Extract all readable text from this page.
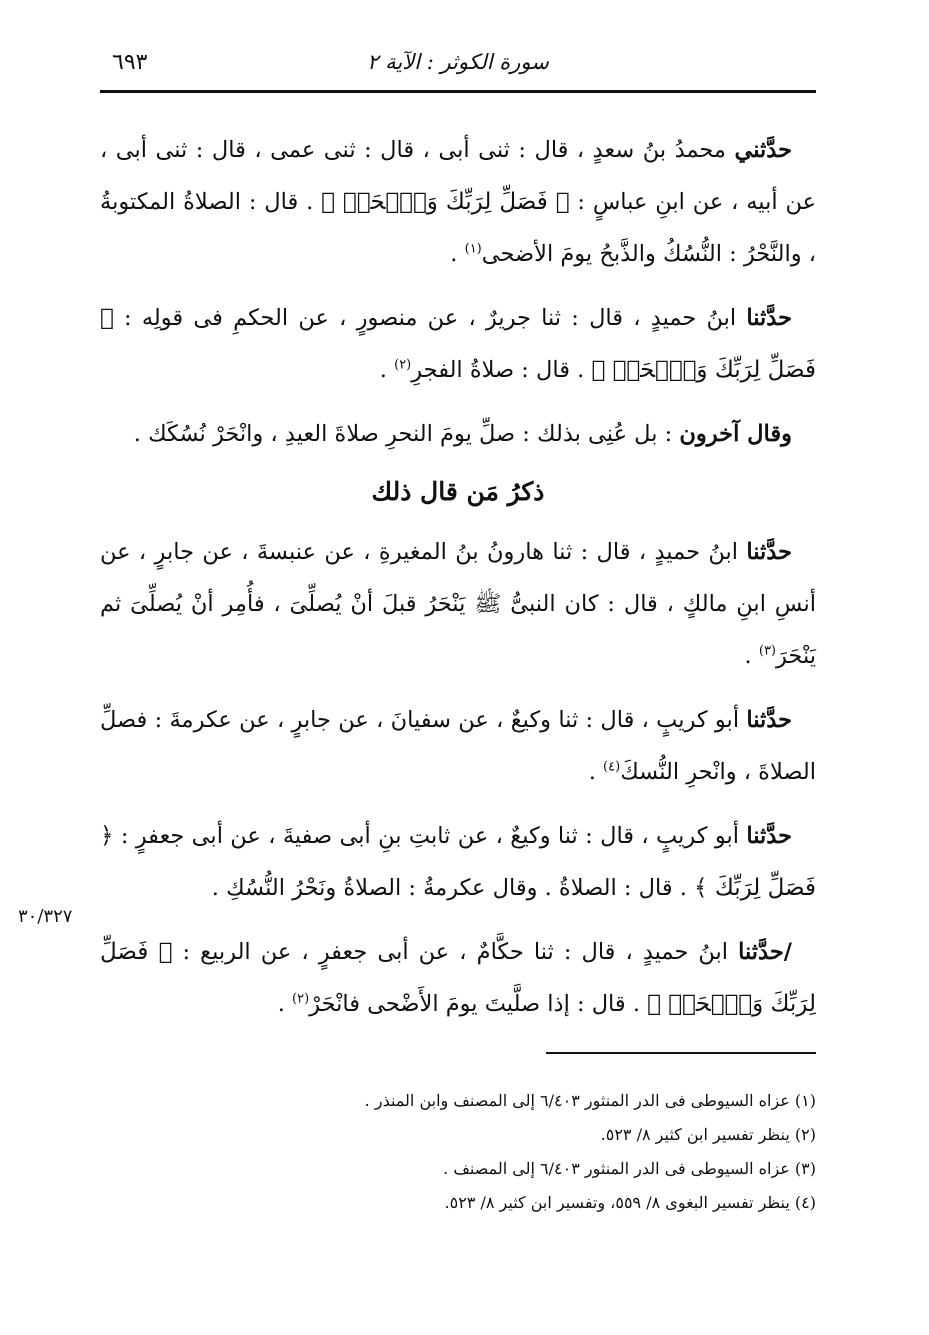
سورة الكوثر : الآية ٢
٦٩٣

حدَّثني محمدُ بنُ سعدٍ ، قال : ثنى أبى ، قال : ثنى عمى ، قال : ثنى أبى ، عن أبيه ، عن ابنِ عباسٍ : ﴿ فَصَلِّ لِرَبِّكَ وَٱنۡحَرۡ ﴾ . قال : الصلاةُ المكتوبةُ ، والنَّحْرُ : النُّسُكُ والذَّبحُ يومَ الأضحى$^{(١)}$ .

حدَّثنا ابنُ حميدٍ ، قال : ثنا جريرٌ ، عن منصورٍ ، عن الحكمِ فى قولِه : ﴿ فَصَلِّ لِرَبِّكَ وَٱنۡحَرۡ ﴾ . قال : صلاةُ الفجرِ$^{(٢)}$ .

وقال آخرون : بل عُنِى بذلك : صلِّ يومَ النحرِ صلاةَ العيدِ ، وانْحَرْ نُسُكَك .

ذكرُ مَن قال ذلك

حدَّثنا ابنُ حميدٍ ، قال : ثنا هارونُ بنُ المغيرةِ ، عن عنبسةَ ، عن جابرٍ ، عن أنسِ ابنِ مالكٍ ، قال : كان النبىُّ ﷺ يَنْحَرُ قبلَ أنْ يُصلِّىَ ، فأُمِر أنْ يُصلِّىَ ثم يَنْحَرَ$^{(٣)}$ .

حدَّثنا أبو كريبٍ ، قال : ثنا وكيعٌ ، عن سفيانَ ، عن جابرٍ ، عن عكرمةَ : فصلِّ الصلاةَ ، وانْحرِ النُّسكَ$^{(٤)}$ .

حدَّثنا أبو كريبٍ ، قال : ثنا وكيعٌ ، عن ثابتِ بنِ أبى صفيةَ ، عن أبى جعفرٍ : ﴿ فَصَلِّ لِرَبِّكَ ﴾ . قال : الصلاةُ . وقال عكرمةُ : الصلاةُ ونَحْرُ النُّسُكِ .

/حدَّثنا ابنُ حميدٍ ، قال : ثنا حكَّامٌ ، عن أبى جعفرٍ ، عن الربيع : ﴿ فَصَلِّ لِرَبِّكَ وَٱنۡحَرۡ ﴾ . قال : إذا صلَّيتَ يومَ الأَضْحى فانْحَرْ$^{(٢)}$ .

٣٠/٣٢٧

(١) عزاه السيوطى فى الدر المنثور ٦/٤٠٣ إلى المصنف وابن المنذر .

(٢) ينظر تفسير ابن كثير ٨/ ٥٢٣.

(٣) عزاه السيوطى فى الدر المنثور ٦/٤٠٣ إلى المصنف .

(٤) ينظر تفسير البغوى ٨/ ٥٥٩، وتفسير ابن كثير ٨/ ٥٢٣.
